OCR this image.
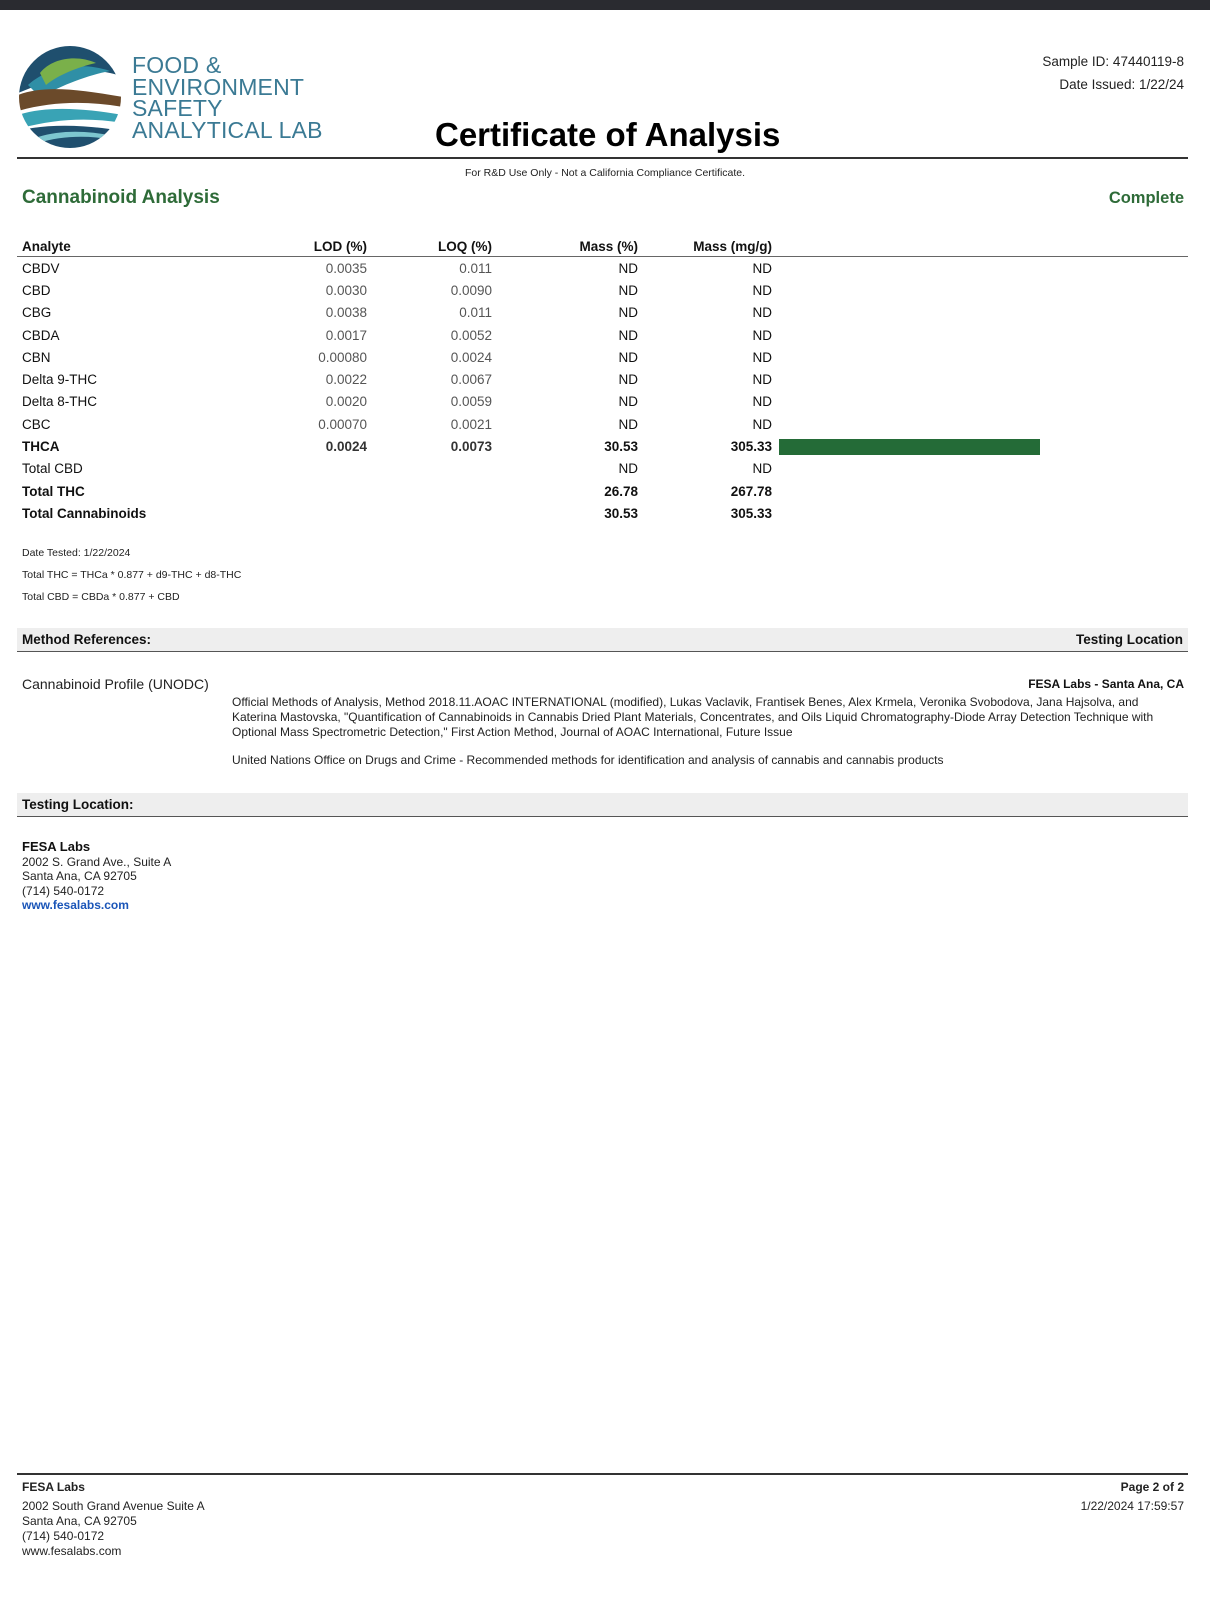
FOOD &
ENVIRONMENT
SAFETY
ANALYTICAL LAB	Certificate of Analysis
Sample ID: 47440119-8
Date Issued: 1/22/24
For R&D Use Only - Not a California Compliance Certificate.
Cannabinoid Analysis	Complete
Analyte	LOD (%)	LOQ (%)	Mass (%)	Mass (mg/g)	
CBDV	0.0035	0.011	ND	ND	
CBD	0.0030	0.0090	ND	ND	
CBG	0.0038	0.011	ND	ND	
CBDA	0.0017	0.0052	ND	ND	
CBN	0.00080	0.0024	ND	ND	
Delta 9-THC	0.0022	0.0067	ND	ND	
Delta 8-THC	0.0020	0.0059	ND	ND	
CBC	0.00070	0.0021	ND	ND	
THCA	0.0024	0.0073	30.53	305.33	

Total CBD			ND	ND	
Total THC			26.78	267.78	
Total Cannabinoids			30.53	305.33	
Date Tested: 1/22/2024
Total THC = THCa * 0.877 + d9-THC + d8-THC
Total CBD = CBDa * 0.877 + CBD
Method References:	Testing Location
Cannabinoid Profile (UNODC)	FESA Labs - Santa Ana, CA
Official Methods of Analysis, Method 2018.11.AOAC INTERNATIONAL (modified), Lukas Vaclavik, Frantisek Benes, Alex Krmela, Veronika Svobodova, Jana Hajsolva, and Katerina Mastovska, "Quantification of Cannabinoids in Cannabis Dried Plant Materials, Concentrates, and Oils Liquid Chromatography-Diode Array Detection Technique with Optional Mass Spectrometric Detection," First Action Method, Journal of AOAC International, Future Issue
United Nations Office on Drugs and Crime - Recommended methods for identification and analysis of cannabis and cannabis products
Testing Location:
FESA Labs
2002 S. Grand Ave., Suite A
Santa Ana, CA 92705
(714) 540-0172
www.fesalabs.com
FESA Labs
2002 South Grand Avenue Suite A
Santa Ana, CA 92705
(714) 540-0172
www.fesalabs.com
Page 2 of 2
1/22/2024 17:59:57
